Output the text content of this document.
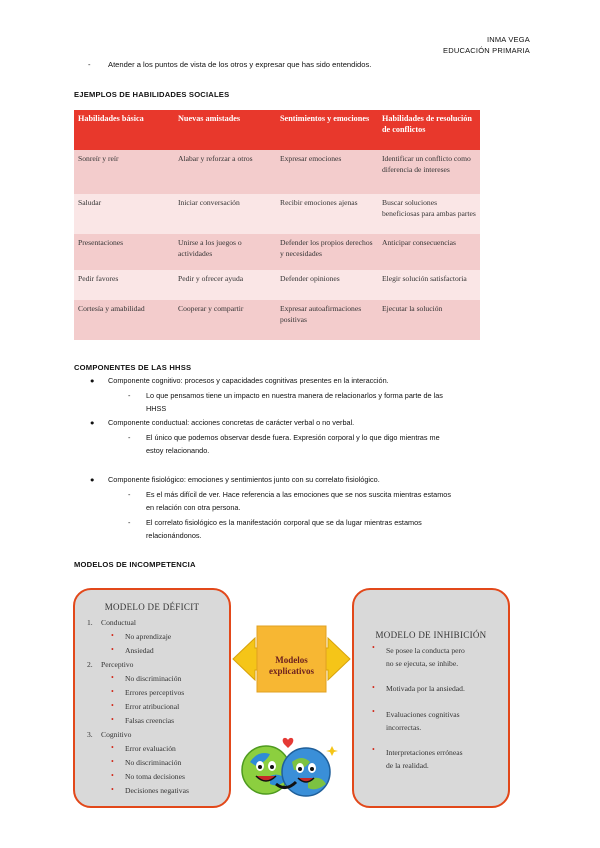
INMA VEGA
EDUCACIÓN PRIMARIA
- Atender a los puntos de vista de los otros y expresar que has sido entendidos.
EJEMPLOS DE HABILIDADES SOCIALES
Habilidades básica	Nuevas amistades	Sentimientos y emociones	Habilidades de resolución de conflictos
Sonreír y reír	Alabar y reforzar a otros	Expresar emociones	Identificar un conflicto como diferencia de intereses
Saludar	Iniciar conversación	Recibir emociones ajenas	Buscar soluciones beneficiosas para ambas partes
Presentaciones	Unirse a los juegos o actividades	Defender los propios derechos y necesidades	Anticipar consecuencias
Pedir favores	Pedir y ofrecer ayuda	Defender opiniones	Elegir solución satisfactoria
Cortesía y amabilidad	Cooperar y compartir	Expresar autoafirmaciones positivas	Ejecutar la solución
COMPONENTES DE LAS HHSS
● Componente cognitivo: procesos y capacidades cognitivas presentes en la interacción.
- Lo que pensamos tiene un impacto en nuestra manera de relacionarlos y forma parte de las
HHSS
● Componente conductual: acciones concretas de carácter verbal o no verbal.
- El único que podemos observar desde fuera. Expresión corporal y lo que digo mientras me
estoy relacionando.
● Componente fisiológico: emociones y sentimientos junto con su correlato fisiológico.
- Es el más difícil de ver. Hace referencia a las emociones que se nos suscita mientras estamos
en relación con otra persona.
- El correlato fisiológico es la manifestación corporal que se da lugar mientras estamos
relacionándonos.
MODELOS DE INCOMPETENCIA
MODELO DE DÉFICIT
1. Conductual
• No aprendizaje
• Ansiedad
2. Perceptivo
• No discriminación
• Errores perceptivos
• Error atribucional
• Falsas creencias
3. Cognitivo
• Error evaluación
• No discriminación
• No toma decisiones
• Decisiones negativas
Modelos
explicativos
MODELO DE INHIBICIÓN
• Se posee la conducta pero
no se ejecuta, se inhibe.
• Motivada por la ansiedad.
• Evaluaciones cognitivas
incorrectas.
• Interpretaciones erróneas
de la realidad.
